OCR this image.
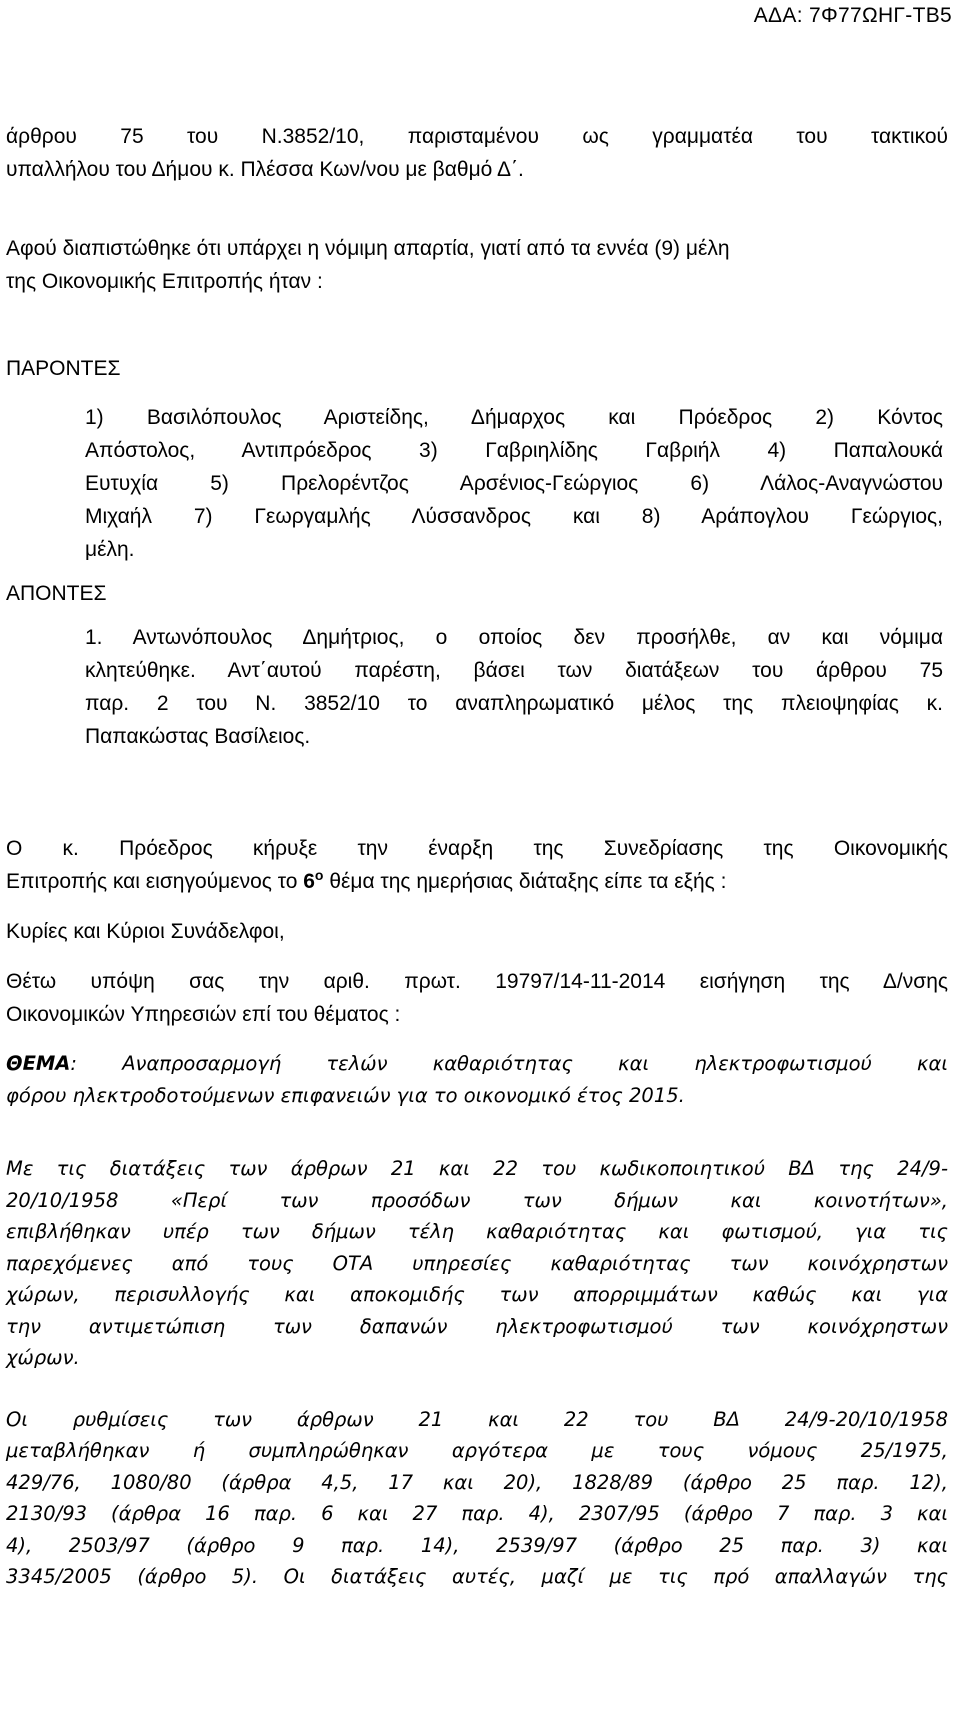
ΑΔΑ: 7Φ77ΩΗΓ-ΤΒ5

άρθρου 75 του Ν.3852/10, παρισταμένου ως γραμματέα του τακτικού

υπαλλήλου του Δήμου κ. Πλέσσα Κων/νου με βαθμό Δ΄.

Αφού διαπιστώθηκε ότι υπάρχει η νόμιμη απαρτία, γιατί από τα εννέα (9) μέλη

της Οικονομικής Επιτροπής ήταν :

ΠΑΡΟΝΤΕΣ

1) Βασιλόπουλος Αριστείδης, Δήμαρχος και Πρόεδρος 2) Κόντος

Απόστολος, Αντιπρόεδρος 3) Γαβριηλίδης Γαβριήλ 4) Παπαλουκά

Ευτυχία 5) Πρελορέντζος Αρσένιος-Γεώργιος 6) Λάλος-Αναγνώστου

Μιχαήλ 7) Γεωργαμλής Λύσσανδρος και 8) Αράπογλου Γεώργιος,

μέλη.

ΑΠΟΝΤΕΣ

1. Αντωνόπουλος Δημήτριος, ο οποίος δεν προσήλθε, αν και νόμιμα

κλητεύθηκε. Αντ΄αυτού παρέστη, βάσει των διατάξεων του άρθρου 75

παρ. 2 του Ν. 3852/10 το αναπληρωματικό μέλος της πλειοψηφίας κ.

Παπακώστας Βασίλειος.

Ο κ. Πρόεδρος κήρυξε την έναρξη της Συνεδρίασης της Οικονομικής

Επιτροπής και εισηγούμενος το $6^o$ θέμα της ημερήσιας διάταξης είπε τα εξής :

Κυρίες και Κύριοι Συνάδελφοι,

Θέτω υπόψη σας την αριθ. πρωτ. 19797/14-11-2014 εισήγηση της Δ/νσης

Οικονομικών Υπηρεσιών επί του θέματος :

ΘΕΜΑ: Αναπροσαρμογή τελών καθαριότητας και ηλεκτροφωτισμού και

φόρου ηλεκτροδοτούμενων επιφανειών για το οικονομικό έτος 2015.

Με τις διατάξεις των άρθρων 21 και 22 του κωδικοποιητικού ΒΔ της 24/9-

20/10/1958 «Περί των προσόδων των δήμων και κοινοτήτων»,

επιβλήθηκαν υπέρ των δήμων τέλη καθαριότητας και φωτισμού, για τις

παρεχόμενες από τους ΟΤΑ υπηρεσίες καθαριότητας των κοινόχρηστων

χώρων, περισυλλογής και αποκομιδής των απορριμμάτων καθώς και για

την αντιμετώπιση των δαπανών ηλεκτροφωτισμού των κοινόχρηστων

χώρων.

Οι ρυθμίσεις των άρθρων 21 και 22 του ΒΔ 24/9-20/10/1958

μεταβλήθηκαν ή συμπληρώθηκαν αργότερα με τους νόμους 25/1975,

429/76, 1080/80 (άρθρα 4,5, 17 και 20), 1828/89 (άρθρο 25 παρ. 12),

2130/93 (άρθρα 16 παρ. 6 και 27 παρ. 4), 2307/95 (άρθρο 7 παρ. 3 και

4), 2503/97 (άρθρο 9 παρ. 14), 2539/97 (άρθρο 25 παρ. 3) και

3345/2005 (άρθρο 5). Οι διατάξεις αυτές, μαζί με τις πρό απαλλαγών της
